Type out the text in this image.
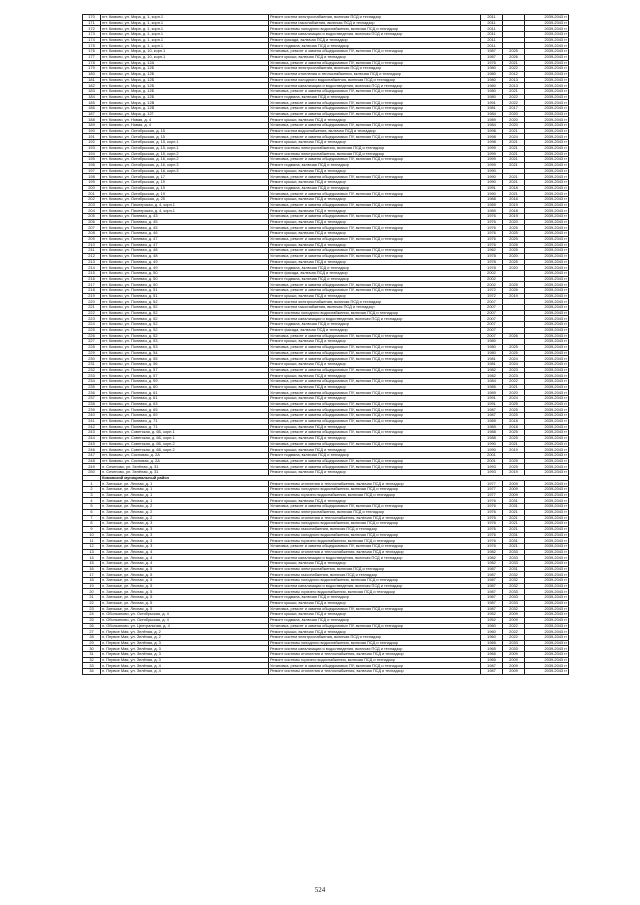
170	пгт. Кимово, ул. Мира, д. 1, корп.1	Ремонт систем электроснабжения, включая ПСД и технадзор	2011		2039-2043 гг
171	пгт. Кимово, ул. Мира, д. 1, корп.1	Ремонт систем газоснабжения, включая ПСД и технадзор	2011		2039-2043 гг
172	пгт. Кимово, ул. Мира, д. 1, корп.1	Ремонт системы холодного водоснабжения, включая ПСД и технадзор	2011		2039-2043 гг
173	пгт. Кимово, ул. Мира, д. 1, корп.1	Ремонт систем канализации и водоотведения, включая ПСД и технадзор	2011		2039-2043 гг
174	пгт. Кимово, ул. Мира, д. 1, корп.1	Ремонт фасада, включая ПСД и технадзор	2011		2039-2043 гг
175	пгт. Кимово, ул. Мира, д. 1, корп.1	Ремонт подвала, включая ПСД и технадзор	2011		2039-2043 гг
176	пгт. Кимово, ул. Мира, д. 10, корп.1	Установка, ремонт и замена общедомовых ПУ, включая ПСД и технадзор	1987	2025	2039-2043 гг
177	пгт. Кимово, ул. Мира, д. 10, корп.1	Ремонт крыши, включая ПСД и технадзор	1987	2026	2039-2043 гг
178	пгт. Кимово, ул. Мира, д. 12А	Установка, ремонт и замена общедомовых ПУ, включая ПСД и технадзор	1976	2021	2039-2043 гг
179	пгт. Кимово, ул. Мира, д. 12Б	Ремонт систем электроснабжения, включая ПСД и технадзор	1980	2022	2039-2043 гг
180	пгт. Кимово, ул. Мира, д. 12Б	Ремонт систем отопления и теплоснабжения, включая ПСД и технадзор	1980	2012	2039-2043 гг
181	пгт. Кимово, ул. Мира, д. 12Б	Ремонт систем холодного водоснабжения, включая ПСД и технадзор	1980	2013	2039-2043 гг
182	пгт. Кимово, ул. Мира, д. 12Б	Ремонт систем канализации и водоотведения, включая ПСД и технадзор	1980	2013	2039-2043 гг
183	пгт. Кимово, ул. Мира, д. 12Б	Установка, ремонт и замена общедомовых ПУ, включая ПСД и технадзор	1980	2021	2039-2043 гг
184	пгт. Кимово, ул. Мира, д. 12Б	Ремонт подвала, включая ПСД и технадзор	1980	2022	2039-2043 гг
185	пгт. Кимово, ул. Мира, д. 12В	Установка, ремонт и замена общедомовых ПУ, включая ПСД и технадзор	1991	2022	2039-2043 гг
186	пгт. Кимово, ул. Мира, д. 12В	Установка, ремонт и замена общедомовых ПУ, включая ПСД и технадзор	1981	2017	2039-2043 гг
187	пгт. Кимово, ул. Мира, д. 12Г	Установка, ремонт и замена общедомовых ПУ, включая ПСД и технадзор	1984	2020	2039-2043 гг
188	пгт. Кимово, ул. Новая, д. 4	Ремонт крыши, включая ПСД и технадзор	1989	2020	2039-2043 гг
189	пгт. Кимово, ул. Новая, д. 4	Установка, ремонт и замена общедомовых ПУ, включая ПСД и технадзор	1984	2020	2039-2043 гг
190	пгт. Кимово, ул. Октябрьская, д. 15	Ремонт систем водоснабжения, включая ПСД и технадзор	1998	2021	2039-2043 гг
191	пгт. Кимово, ул. Октябрьская, д. 15	Установка, ремонт и замена общедомовых ПУ, включая ПСД и технадзор	1998	2024	2039-2043 гг
192	пгт. Кимово, ул. Октябрьская, д. 15, корп.1	Ремонт крыши, включая ПСД и технадзор	1998	2021	2039-2043 гг
193	пгт. Кимово, ул. Октябрьская, д. 15, корп.1	Ремонт системы электроснабжения, включая ПСД и технадзор	1999	2021	2039-2043 гг
194	пгт. Кимово, ул. Октябрьская, д. 15, корп.2	Ремонт системы электроснабжения, включая ПСД и технадзор	1999	2021	2039-2043 гг
195	пгт. Кимово, ул. Октябрьская, д. 16, корп.2	Установка, ремонт и замена общедомовых ПУ, включая ПСД и технадзор	1999	2021	2039-2043 гг
196	пгт. Кимово, ул. Октябрьская, д. 16, корп.3	Ремонт подвала, включая ПСД и технадзор	1999	2021	2039-2043 гг
197	пгт. Кимово, ул. Октябрьская, д. 16, корп.3	Ремонт крыши, включая ПСД и технадзор	1990		2039-2043 гг
198	пгт. Кимово, ул. Октябрьская, д. 17	Установка, ремонт и замена общедомовых ПУ, включая ПСД и технадзор	1990	2021	2039-2043 гг
199	пгт. Кимово, ул. Октябрьская, д. 19	Ремонт крыши, включая ПСД и технадзор	1990	2021	2039-2043 гг
200	пгт. Кимово, ул. Октябрьская, д. 19	Ремонт подвала, включая ПСД и технадзор	1991	2018	2039-2043 гг
201	пгт. Кимово, ул. Октябрьская, д. 19	Установка, ремонт и замена общедомовых ПУ, включая ПСД и технадзор	1990	2021	2039-2043 гг
202	пгт. Кимово, ул. Октябрьская, д. 25	Ремонт крыши, включая ПСД и технадзор	1988	2018	2039-2043 гг
203	пгт. Кимово, ул. Пионерская, д. 4, корп.1	Установка, ремонт и замена общедомовых ПУ, включая ПСД и технадзор	1989	2019	2039-2043 гг
204	пгт. Кимово, ул. Пионерская, д. 4, корп.1	Ремонт крыши, включая ПСД и технадзор	1989	2018	2039-2043 гг
205	пгт. Кимово, ул. Полевая, д. 43	Установка, ремонт и замена общедомовых ПУ, включая ПСД и технадзор	1976	2019	2039-2043 гг
206	пгт. Кимово, ул. Полевая, д. 45	Ремонт крыши, включая ПСД и технадзор	1976	2020	2039-2043 гг
207	пгт. Кимово, ул. Полевая, д. 45	Установка, ремонт и замена общедомовых ПУ, включая ПСД и технадзор	1976	2025	2039-2043 гг
208	пгт. Кимово, ул. Полевая, д. 46	Ремонт крыши, включая ПСД и технадзор	1976	2025	2039-2043 гг
209	пгт. Кимово, ул. Полевая, д. 47	Установка, ремонт и замена общедомовых ПУ, включая ПСД и технадзор	1976	2025	2039-2043 гг
210	пгт. Кимово, ул. Полевая, д. 47	Ремонт крыши, включая ПСД и технадзор	1976	2026	2039-2043 гг
211	пгт. Кимово, ул. Полевая, д. 48	Установка, ремонт и замена общедомовых ПУ, включая ПСД и технадзор	1962	2025	2039-2043 гг
212	пгт. Кимово, ул. Полевая, д. 48	Установка, ремонт и замена общедомовых ПУ, включая ПСД и технадзор	1978	2020	2039-2043 гг
213	пгт. Кимово, ул. Полевая, д. 49	Ремонт крыши, включая ПСД и технадзор	1978	2025	2039-2043 гг
214	пгт. Кимово, ул. Полевая, д. 49	Ремонт подвала, включая ПСД и технадзор	1978	2020	2039-2043 гг
215	пгт. Кимово, ул. Полевая, д. 50	Ремонт фасада, включая ПСД и технадзор	2002		2039-2043 гг
216	пгт. Кимово, ул. Полевая, д. 50	Ремонт подвала, включая ПСД и технадзор	2002		2039-2043 гг
217	пгт. Кимово, ул. Полевая, д. 50	Установка, ремонт и замена общедомовых ПУ, включая ПСД и технадзор	2002	2025	2039-2043 гг
218	пгт. Кимово, ул. Полевая, д. 51	Установка, ремонт и замена общедомовых ПУ, включая ПСД и технадзор	1972	2026	2039-2043 гг
219	пгт. Кимово, ул. Полевая, д. 51	Ремонт крыши, включая ПСД и технадзор	1972	2019	2039-2043 гг
220	пгт. Кимово, ул. Полевая, д. 52	Ремонт систем электроснабжения, включая ПСД и технадзор	2007		2039-2043 гг
221	пгт. Кимово, ул. Полевая, д. 52	Ремонт систем газоснабжения, включая ПСД и технадзор	2007		2039-2043 гг
222	пгт. Кимово, ул. Полевая, д. 52	Ремонт системы холодного водоснабжения, включая ПСД и технадзор	2007		2039-2043 гг
223	пгт. Кимово, ул. Полевая, д. 52	Ремонт систем канализации и водоотведения, включая ПСД и технадзор	2007		2039-2043 гг
224	пгт. Кимово, ул. Полевая, д. 52	Ремонт подвала, включая ПСД и технадзор	2007		2039-2043 гг
225	пгт. Кимово, ул. Полевая, д. 52	Ремонт фасада, включая ПСД и технадзор	2007		2039-2043 гг
226	пгт. Кимово, ул. Полевая, д. 52	Установка, ремонт и замена общедомовых ПУ, включая ПСД и технадзор	2007	2026	2039-2043 гг
227	пгт. Кимово, ул. Полевая, д. 53	Ремонт крыши, включая ПСД и технадзор	1980		2039-2043 гг
228	пгт. Кимово, ул. Полевая, д. 53	Установка, ремонт и замена общедомовых ПУ, включая ПСД и технадзор	1980	2025	2039-2043 гг
229	пгт. Кимово, ул. Полевая, д. 54	Установка, ремонт и замена общедомовых ПУ, включая ПСД и технадзор	1980	2025	2039-2043 гг
230	пгт. Кимово, ул. Полевая, д. 55	Установка, ремонт и замена общедомовых ПУ, включая ПСД и технадзор	1981	2024	2039-2043 гг
231	пгт. Кимово, ул. Полевая, д. 56	Ремонт крыши, включая ПСД и технадзор	1981	2024	2039-2043 гг
232	пгт. Кимово, ул. Полевая, д. 57	Установка, ремонт и замена общедомовых ПУ, включая ПСД и технадзор	1982	2023	2039-2043 гг
233	пгт. Кимово, ул. Полевая, д. 57	Ремонт крыши, включая ПСД и технадзор	1982	2023	2039-2043 гг
234	пгт. Кимово, ул. Полевая, д. 59	Установка, ремонт и замена общедомовых ПУ, включая ПСД и технадзор	1984	2022	2039-2043 гг
235	пгт. Кимово, ул. Полевая, д. 60	Ремонт крыши, включая ПСД и технадзор	1985	2021	2039-2043 гг
236	пгт. Кимово, ул. Полевая, д. 61	Установка, ремонт и замена общедомовых ПУ, включая ПСД и технадзор	1989	2020	2039-2043 гг
237	пгт. Кимово, ул. Полевая, д. 61	Ремонт крыши, включая ПСД и технадзор	1991	2024	2039-2043 гг
238	пгт. Кимово, ул. Полевая, д. 63	Установка, ремонт и замена общедомовых ПУ, включая ПСД и технадзор	1991	2025	2039-2043 гг
239	пгт. Кимово, ул. Полевая, д. 65	Установка, ремонт и замена общедомовых ПУ, включая ПСД и технадзор	1987	2025	2039-2043 гг
240	пгт. Кимово, ул. Полевая, д. 69	Установка, ремонт и замена общедомовых ПУ, включая ПСД и технадзор	1987	2025	2039-2043 гг
241	пгт. Кимово, ул. Полевая, д. 71	Установка, ремонт и замена общедомовых ПУ, включая ПСД и технадзор	1989	2018	2039-2043 гг
242	пгт. Кимово, ул. Полевая, д. 71	Ремонт крыши, включая ПСД и технадзор	1989	2018	2039-2043 гг
243	пгт. Кимово, ул. Советская, д. 6Б, корп.1	Установка, ремонт и замена общедомовых ПУ, включая ПСД и технадзор	1988	2025	2039-2043 гг
244	пгт. Кимово, ул. Советская, д. 6Б, корп.1	Ремонт крыши, включая ПСД и технадзор	1988	2025	2039-2043 гг
245	пгт. Кимово, ул. Советская, д. 6Б, корп.2	Установка, ремонт и замена общедомовых ПУ, включая ПСД и технадзор	1990	2021	2039-2043 гг
246	пгт. Кимово, ул. Советская, д. 6Б, корп.2	Ремонт крыши, включая ПСД и технадзор	1990	2019	2039-2043 гг
247	пгт. Кимово, ул. Сосновая, д. 2А	Ремонт подвала, включая ПСД и технадзор	2001		2039-2043 гг
248	пгт. Кимово, ул. Сосновая, д. 2А	Установка, ремонт и замена общедомовых ПУ, включая ПСД и технадзор	2001	2025	2039-2043 гг
249	п. Сеченово, ул. Зелёная, д. 31	Установка, ремонт и замена общедомовых ПУ, включая ПСД и технадзор	1993	2025	2039-2043 гг
250	п. Сеченово, ул. Зелёная, д. 31	Ремонт крыши, включая ПСД и технадзор	1993	2019	2039-2043 гг
	Кимовский муниципальный район				
1	п. Затишье, ул. Лесная, д. 1	Ремонт системы отопления и теплоснабжения, включая ПСД и технадзор	1977	2009	2039-2043 гг
2	п. Затишье, ул. Лесная, д. 1	Ремонт системы холодного водоснабжения, включая ПСД и технадзор	1977	2009	2039-2043 гг
3	п. Затишье, ул. Лесная, д. 1	Ремонт системы горячего водоснабжения, включая ПСД и технадзор	1977	2009	2039-2043 гг
4	п. Затишье, ул. Лесная, д. 1	Ремонт крыши, включая ПСД и технадзор	1976	2031	2039-2043 гг
5	п. Затишье, ул. Лесная, д. 2	Установка, ремонт и замена общедомовых ПУ, включая ПСД и технадзор	1976	2031	2039-2043 гг
6	п. Затишье, ул. Лесная, д. 2	Ремонт системы электроснабжения, включая ПСД и технадзор	1976	2021	2039-2043 гг
7	п. Затишье, ул. Лесная, д. 2	Ремонт системы отопления и теплоснабжения, включая ПСД и технадзор	1976	2021	2039-2043 гг
8	п. Затишье, ул. Лесная, д. 3	Ремонт системы холодного водоснабжения, включая ПСД и технадзор	1976	2021	2039-2043 гг
9	п. Затишье, ул. Лесная, д. 3	Ремонт системы газоснабжения, включая ПСД и технадзор	1976	2021	2039-2043 гг
10	п. Затишье, ул. Лесная, д. 3	Ремонт системы холодного водоснабжения, включая ПСД и технадзор	1976	2031	2039-2043 гг
11	п. Затишье, ул. Лесная, д. 3	Ремонт системы горячего водоснабжения, включая ПСД и технадзор	1976	2031	2039-2043 гг
12	п. Затишье, ул. Лесная, д. 3	Установка, ремонт и замена общедомовых ПУ, включая ПСД и технадзор	1976	2021	2039-2043 гг
13	п. Затишье, ул. Лесная, д. 4	Ремонт системы отопления и теплоснабжения, включая ПСД и технадзор	1982	2033	2039-2043 гг
14	п. Затишье, ул. Лесная, д. 4	Ремонт систем канализации и водоотведения, включая ПСД и технадзор	1982	2033	2039-2043 гг
15	п. Затишье, ул. Лесная, д. 4	Ремонт крыши, включая ПСД и технадзор	1982	2033	2039-2043 гг
16	п. Затишье, ул. Лесная, д. 5	Ремонт системы электроснабжения, включая ПСД и технадзор	1987	2031	2039-2043 гг
17	п. Затишье, ул. Лесная, д. 5	Ремонт системы газоснабжения, включая ПСД и технадзор	1987	2032	2039-2043 гг
18	п. Затишье, ул. Лесная, д. 5	Ремонт системы холодного водоснабжения, включая ПСД и технадзор	1987	2032	2039-2043 гг
19	п. Затишье, ул. Лесная, д. 5	Ремонт систем канализации и водоотведения, включая ПСД и технадзор	1987	2032	2039-2043 гг
20	п. Затишье, ул. Лесная, д. 5	Ремонт системы горячего водоснабжения, включая ПСД и технадзор	1987	2033	2039-2043 гг
21	п. Затишье, ул. Лесная, д. 5	Ремонт подвала, включая ПСД и технадзор	1987	2033	2039-2043 гг
22	п. Затишье, ул. Лесная, д. 5	Ремонт крыши, включая ПСД и технадзор	1987	2033	2039-2043 гг
23	п. Затишье, ул. Лесная, д. 5	Установка, ремонт и замена общедомовых ПУ, включая ПСД и технадзор	1987	2032	2039-2043 гг
24	п. Обольяново, ул. Октябрьская, д. 4	Ремонт крыши, включая ПСД и технадзор	1952	2009	2039-2043 гг
25	п. Обольяново, ул. Октябрьская, д. 4	Ремонт подвала, включая ПСД и технадзор	1952	2009	2039-2043 гг
26	п. Обольяново, ул. Центральная, д. 4	Установка, ремонт и замена общедомовых ПУ, включая ПСД и технадзор	1960	2022	2039-2043 гг
27	п. Первое Мая, ул. Зелёная, д. 2	Ремонт крыши, включая ПСД и технадзор	1960	2022	2039-2043 гг
28	п. Первое Мая, ул. Зелёная, д. 2	Ремонт систем электроснабжения, включая ПСД и технадзор	1960	2022	2039-2043 гг
29	п. Первое Мая, ул. Зелёная, д. 3	Ремонт системы холодного водоснабжения, включая ПСД и технадзор	1965	2033	2039-2043 гг
30	п. Первое Мая, ул. Зелёная, д. 3	Ремонт систем канализации и водоотведения, включая ПСД и технадзор	1965	2033	2039-2043 гг
31	п. Первое Мая, ул. Зелёная, д. 3	Ремонт системы отопления и теплоснабжения, включая ПСД и технадзор	1965	2009	2039-2043 гг
32	п. Первое Мая, ул. Зелёная, д. 3	Ремонт системы горячего водоснабжения, включая ПСД и технадзор	1965	2009	2039-2043 гг
33	п. Первое Мая, ул. Зелёная, д. 4	Установка, ремонт и замена общедомовых ПУ, включая ПСД и технадзор	1987	2009	2039-2043 гг
34	п. Первое Мая, ул. Зелёная, д. 4	Ремонт системы отопления и теплоснабжения, включая ПСД и технадзор	1987	2009	2039-2043 гг
524
